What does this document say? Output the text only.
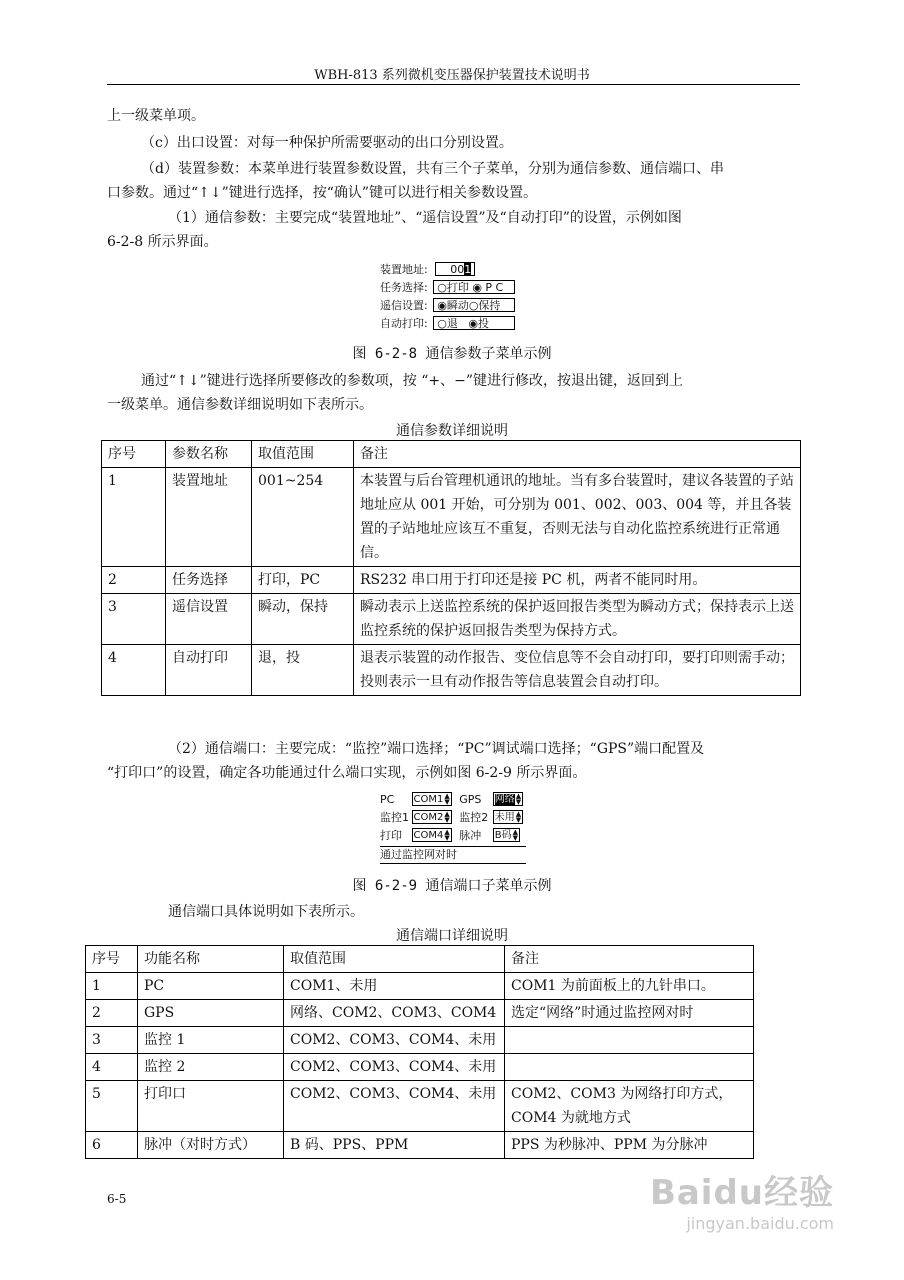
WBH-813 系列微机变压器保护装置技术说明书
上一级菜单项。
（c）出口设置：对每一种保护所需要驱动的出口分别设置。
（d）装置参数：本菜单进行装置参数设置，共有三个子菜单，分别为通信参数、通信端口、串
口参数。通过“↑↓”键进行选择，按“确认”键可以进行相关参数设置。
（1）通信参数：主要完成“装置地址”、“遥信设置”及“自动打印”的设置，示例如图
6-2-8 所示界面。
装置地址: 001
任务选择: ○打印 ◉ P C
遥信设置: ◉瞬动○保持
自动打印: ○退 ◉投
图 6-2-8 通信参数子菜单示例
通过“↑↓”键进行选择所要修改的参数项，按 “+、−”键进行修改，按退出键，返回到上
一级菜单。通信参数详细说明如下表所示。
通信参数详细说明
序号	参数名称	取值范围	备注
1	装置地址	001~254	本装置与后台管理机通讯的地址。当有多台装置时，建议各装置的子站地址应从 001 开始，可分别为 001、002、003、004 等，并且各装置的子站地址应该互不重复，否则无法与自动化监控系统进行正常通信。
2	任务选择	打印，PC	RS232 串口用于打印还是接 PC 机，两者不能同时用。
3	遥信设置	瞬动，保持	瞬动表示上送监控系统的保护返回报告类型为瞬动方式；保持表示上送监控系统的保护返回报告类型为保持方式。
4	自动打印	退，投	退表示装置的动作报告、变位信息等不会自动打印，要打印则需手动；投则表示一旦有动作报告等信息装置会自动打印。
（2）通信端口：主要完成：“监控”端口选择；“PC”调试端口选择；“GPS”端口配置及
“打印口”的设置，确定各功能通过什么端口实现，示例如图 6-2-9 所示界面。
PC COM1▲
▼ GPS 网络▲
▼
监控1 COM2▲
▼ 监控2 未用▲
▼
打印 COM4▲
▼ 脉冲 B码▲
▼
通过监控网对时
图 6-2-9 通信端口子菜单示例
通信端口具体说明如下表所示。
通信端口详细说明
序号	功能名称	取值范围	备注
1	PC	COM1、未用	COM1 为前面板上的九针串口。
2	GPS	网络、COM2、COM3、COM4	选定“网络”时通过监控网对时
3	监控 1	COM2、COM3、COM4、未用	
4	监控 2	COM2、COM3、COM4、未用	
5	打印口	COM2、COM3、COM4、未用	COM2、COM3 为网络打印方式，COM4 为就地方式
6	脉冲（对时方式）	B 码、PPS、PPM	PPS 为秒脉冲、PPM 为分脉冲
6-5	Baidu经验
jingyan.baidu.com
